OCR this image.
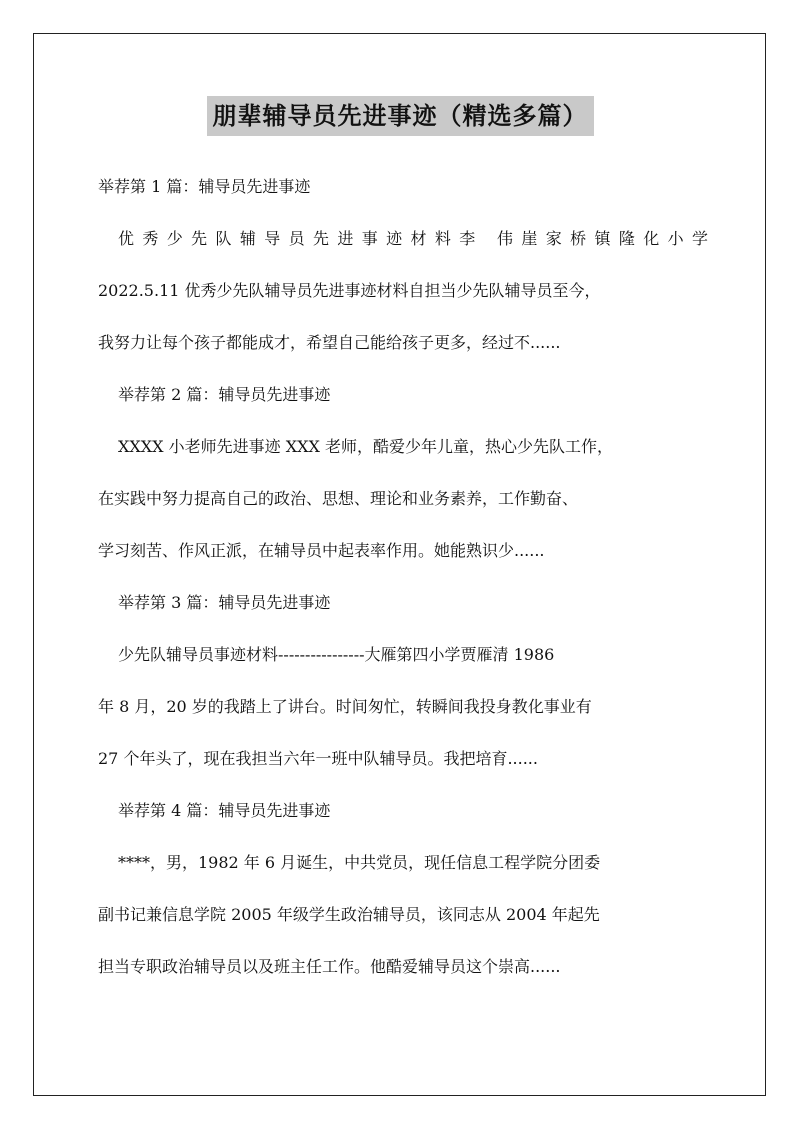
朋辈辅导员先进事迹（精选多篇）
举荐第 1 篇：辅导员先进事迹
优秀少先队辅导员先进事迹材料李 伟崖家桥镇隆化小学
2022.5.11 优秀少先队辅导员先进事迹材料自担当少先队辅导员至今，
我努力让每个孩子都能成才，希望自己能给孩子更多，经过不......
举荐第 2 篇：辅导员先进事迹
XXXX 小老师先进事迹 XXX 老师，酷爱少年儿童，热心少先队工作，
在实践中努力提高自己的政治、思想、理论和业务素养，工作勤奋、
学习刻苦、作风正派，在辅导员中起表率作用。她能熟识少......
举荐第 3 篇：辅导员先进事迹
少先队辅导员事迹材料----------------大雁第四小学贾雁清 1986
年 8 月，20 岁的我踏上了讲台。时间匆忙，转瞬间我投身教化事业有
27 个年头了，现在我担当六年一班中队辅导员。我把培育......
举荐第 4 篇：辅导员先进事迹
****，男，1982 年 6 月诞生，中共党员，现任信息工程学院分团委
副书记兼信息学院 2005 年级学生政治辅导员，该同志从 2004 年起先
担当专职政治辅导员以及班主任工作。他酷爱辅导员这个崇高......
